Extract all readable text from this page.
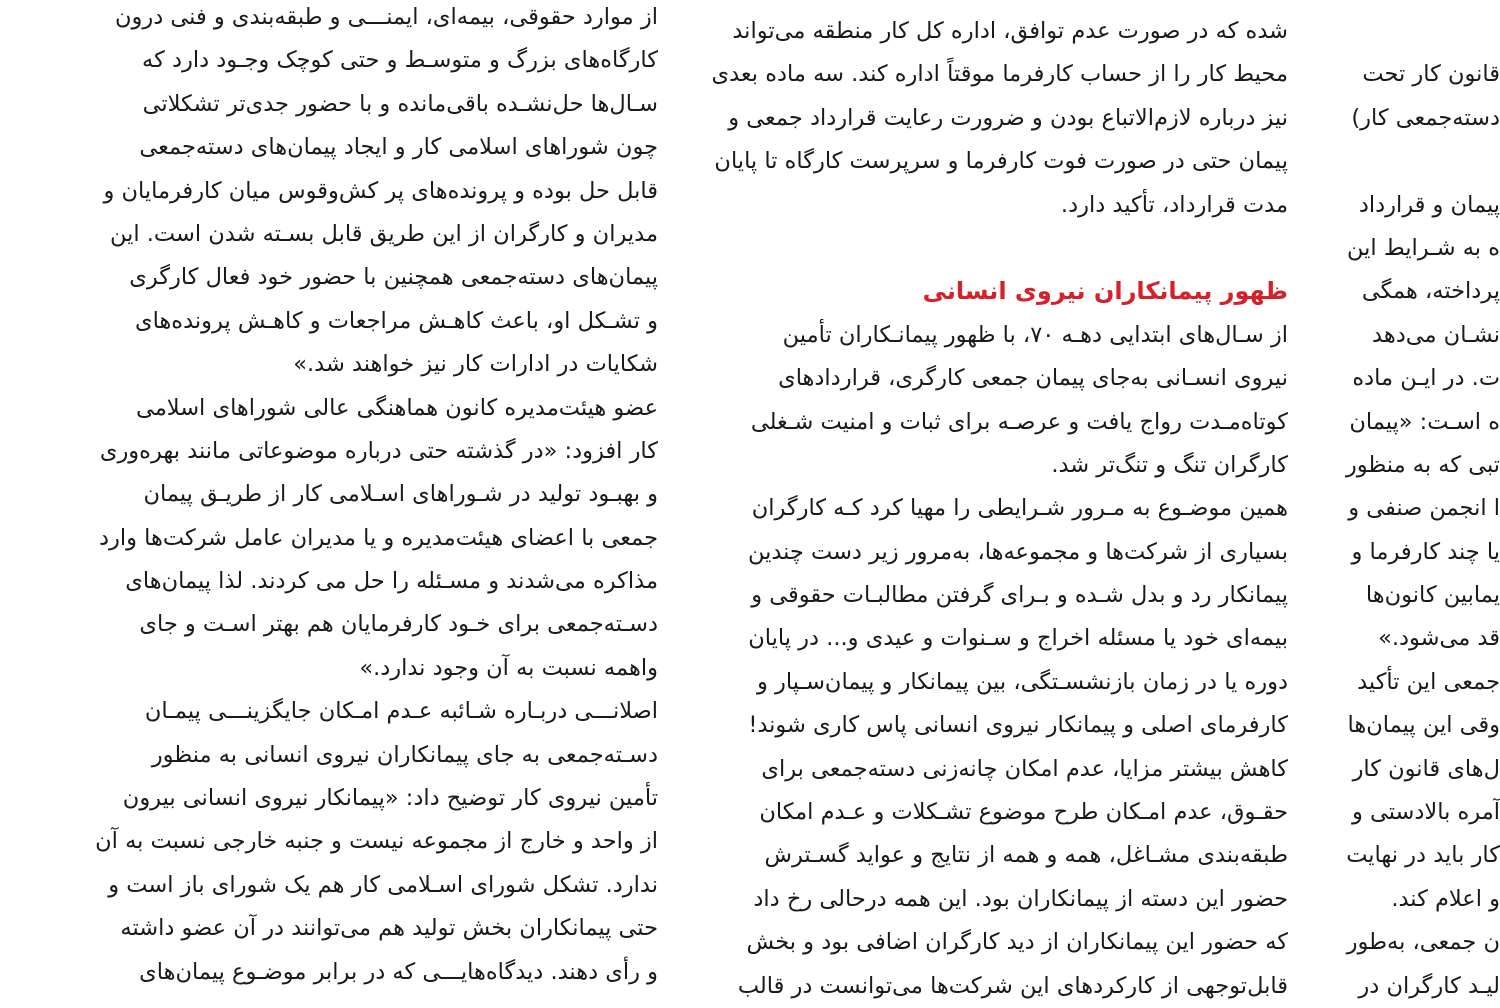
از موارد حقوقی، بیمه‌ای، ایمنـــی و طبقه‌بندی و فنی درون
کارگاه‌های بزرگ و متوسـط و حتی کوچک وجـود دارد که
سـال‌ها حل‌نشـده باقی‌مانده و با حضور جدی‌تر تشکلاتی
چون شوراهای اسلامی کار و ایجاد پیمان‌های دسته‌جمعی
قابل حل بوده و پرونده‌های پر کش‌وقوس میان کارفرمایان و
مدیران و کارگران از این طریق قابل بسـته شدن است. این
پیمان‌های دسته‌جمعی همچنین با حضور خود فعال کارگری
و تشـکل او، باعث کاهـش مراجعات و کاهـش پرونده‌های
شکایات در ادارات کار نیز خواهند شد.»
عضو هیئت‌مدیره کانون هماهنگی عالی شوراهای اسلامی
کار افزود: «در گذشته حتی درباره موضوعاتی مانند بهره‌وری
و بهبـود تولید در شـوراهای اسـلامی کار از طریـق پیمان
جمعی با اعضای هیئت‌مدیره و یا مدیران عامل شرکت‌ها وارد
مذاکره می‌شدند و مسـئله را حل می کردند. لذا پیمان‌های
دسـته‌جمعی برای خـود کارفرمایان هم بهتر اسـت و جای
واهمه نسبت به آن وجود ندارد.»
اصلانـــی دربـاره شـائبه عـدم امـکان جایگزینـــی پیمـان
دسـته‌جمعی به جای پیمانکاران نیروی انسانی به منظور
تأمین نیروی کار توضیح داد: «پیمانکار نیروی انسانی بیرون
از واحد و خارج از مجموعه نیست و جنبه خارجی نسبت به آن
ندارد. تشکل شورای اسـلامی کار هم یک شورای باز است و
حتی پیمانکاران بخش تولید هم می‌توانند در آن عضو داشته
و رأی دهند. دیدگاه‌هایـــی که در برابر موضـوع پیمان‌های
شده که در صورت عدم توافق، اداره کل کار منطقه می‌تواند
محیط کار را از حساب کارفرما موقتاً اداره کند. سه ماده بعدی
نیز درباره لازم‌الاتباع بودن و ضرورت رعایت قرارداد جمعی و
پیمان حتی در صورت فوت کارفرما و سرپرست کارگاه تا پایان
مدت قرارداد، تأکید دارد.
ظهور پیمانکاران نیروی انسانی
از سـال‌های ابتدایی دهـه ۷۰، با ظهور پیمانـکاران تأمین
نیروی انسـانی به‌جای پیمان جمعی کارگری، قراردادهای
کوتاه‌مـدت رواج یافت و عرصـه برای ثبات و امنیت شـغلی
کارگران تنگ و تنگ‌تر شد.
همین موضـوع به مـرور شـرایطی را مهیا کرد کـه کارگران
بسیاری از شرکت‌ها و مجموعه‌ها، به‌مرور زیر دست چندین
پیمانکار رد و بدل شـده و بـرای گرفتن مطالبـات حقوقی و
بیمه‌ای خود یا مسئله اخراج و سـنوات و عیدی و... در پایان
دوره یا در زمان بازنشسـتگی، بین پیمانکار و پیمان‌سـپار و
کارفرمای اصلی و پیمانکار نیروی انسانی پاس کاری شوند!
کاهش بیشتر مزایا، عدم امکان چانه‌زنی دسته‌جمعی برای
حقـوق، عدم امـکان طرح موضوع تشـکلات و عـدم امکان
طبقه‌بندی مشـاغل، همه و همه از نتایج و عواید گسـترش
حضور این دسته از پیمانکاران بود. این همه درحالی رخ داد
که حضور این پیمانکاران از دید کارگران اضافی بود و بخش
قابل‌توجهی از کارکردهای این شرکت‌ها می‌توانست در قالب
قانون کار تحت
دسته‌جمعی کار)
پیمان و قرارداد
ه به شـرایط این
پرداخته، همگی
نشـان می‌دهد
ت. در ایـن ماده
ه اسـت: «پیمان
تبی که به منظور
ا انجمن صنفی و
یا چند کارفرما و
یمابین کانون‌ها
قد می‌شود.»
جمعی این تأکید
وقی این پیمان‌ها
ل‌های قانون کار
آمره بالادستی و
کار باید در نهایت
و اعلام کند.
ن جمعی، به‌طور
لیـد کارگران در
